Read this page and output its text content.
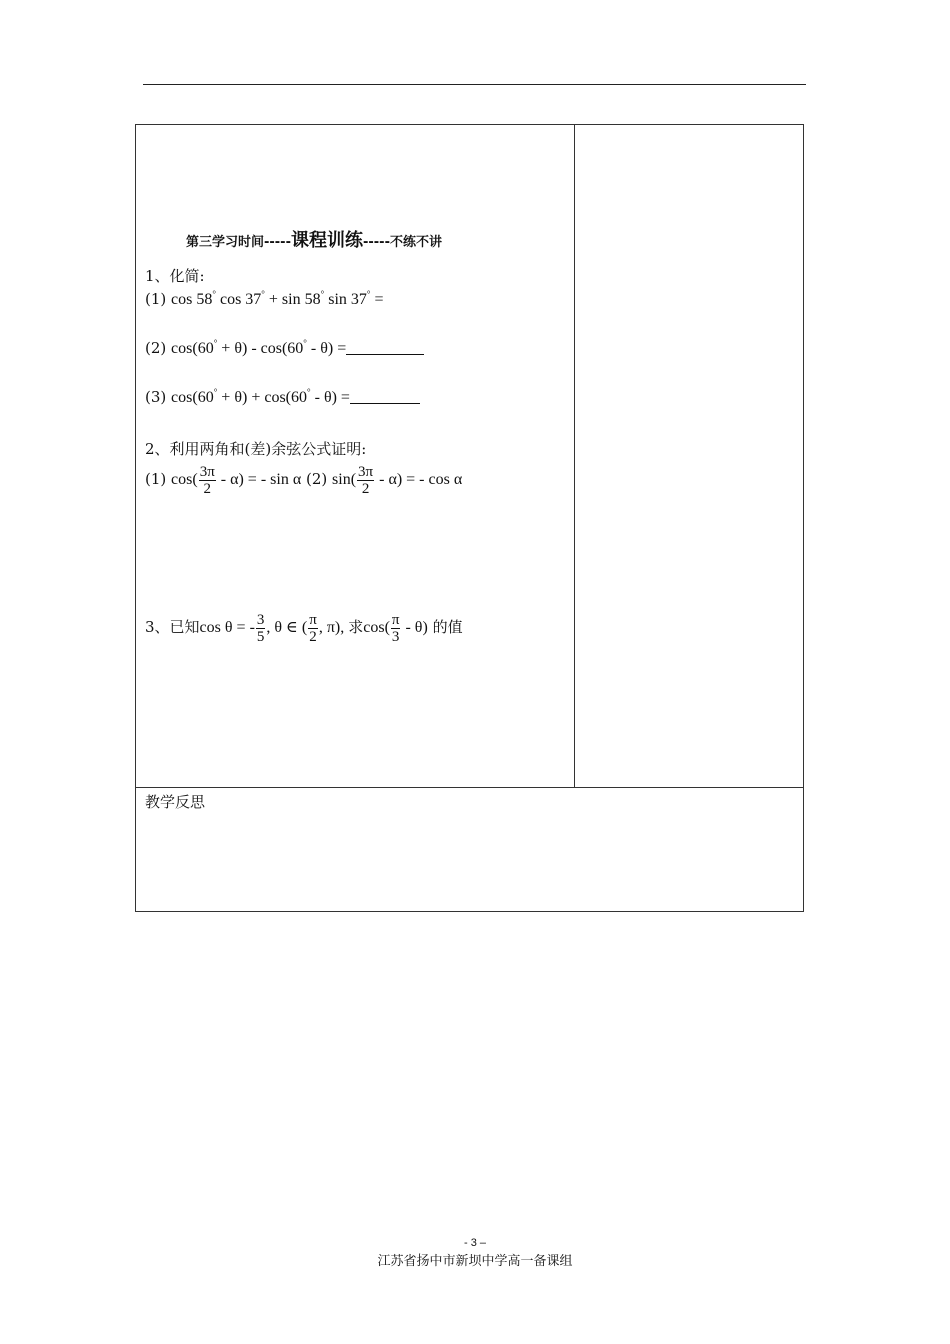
第三学习时间-----课程训练-----不练不讲
1、化简:
(1) cos 58° cos 37° + sin 58° sin 37° =
(2) cos(60° + θ) - cos(60° - θ) =
(3) cos(60° + θ) + cos(60° - θ) =
2、利用两角和(差)余弦公式证明:
(1) $\cos( \frac{3\pi}{2} - \alpha)$ = - sin α (2) $\sin( \frac{3\pi}{2} - \alpha)$ = - cos α
3、已知cos θ = - $\frac{3}{5}$ , θ ∈ ( $\frac{\pi}{2}$ , π), 求$\cos( \frac{\pi}{3} - \theta)$ 的值
教学反思
- 3 –
江苏省扬中市新坝中学高一备课组
